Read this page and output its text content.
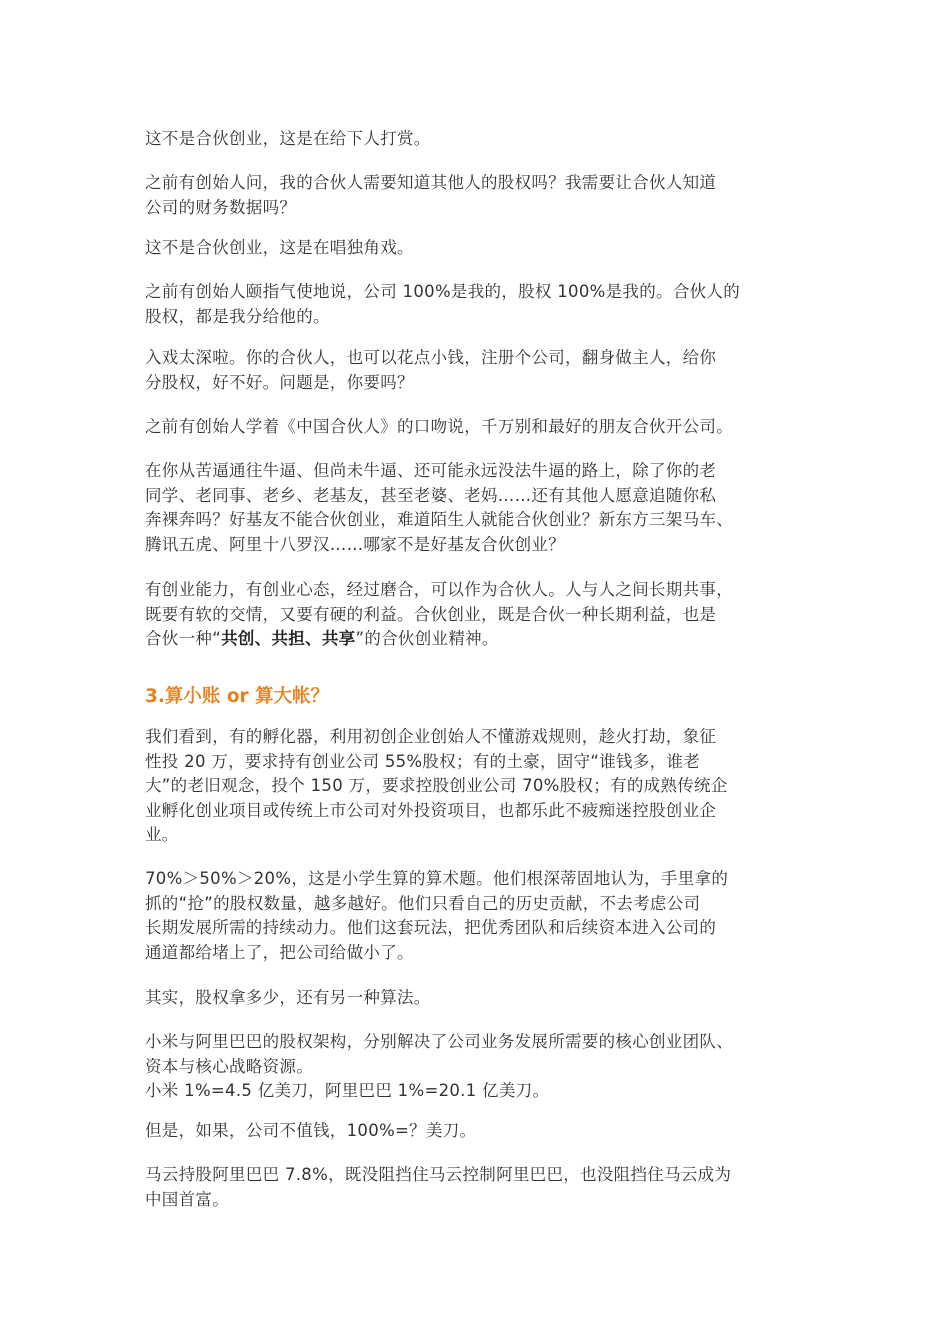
这不是合伙创业，这是在给下人打赏。
之前有创始人问，我的合伙人需要知道其他人的股权吗？我需要让合伙人知道
公司的财务数据吗？
这不是合伙创业，这是在唱独角戏。
之前有创始人颐指气使地说，公司 100%是我的，股权 100%是我的。合伙人的
股权，都是我分给他的。
入戏太深啦。你的合伙人，也可以花点小钱，注册个公司，翻身做主人，给你
分股权，好不好。问题是，你要吗？
之前有创始人学着《中国合伙人》的口吻说，千万别和最好的朋友合伙开公司。
在你从苦逼通往牛逼、但尚未牛逼、还可能永远没法牛逼的路上，除了你的老
同学、老同事、老乡、老基友，甚至老婆、老妈……还有其他人愿意追随你私
奔裸奔吗？好基友不能合伙创业，难道陌生人就能合伙创业？新东方三架马车、
腾讯五虎、阿里十八罗汉……哪家不是好基友合伙创业？
有创业能力，有创业心态，经过磨合，可以作为合伙人。人与人之间长期共事，
既要有软的交情，又要有硬的利益。合伙创业，既是合伙一种长期利益，也是
合伙一种“共创、共担、共享”的合伙创业精神。
3.算小账 or 算大帐？
我们看到，有的孵化器，利用初创企业创始人不懂游戏规则，趁火打劫，象征
性投 20 万，要求持有创业公司 55%股权；有的土豪，固守“谁钱多，谁老
大”的老旧观念，投个 150 万，要求控股创业公司 70%股权；有的成熟传统企
业孵化创业项目或传统上市公司对外投资项目，也都乐此不疲痴迷控股创业企
业。
70%＞50%＞20%，这是小学生算的算术题。他们根深蒂固地认为，手里拿的
抓的“抢”的股权数量，越多越好。他们只看自己的历史贡献，不去考虑公司
长期发展所需的持续动力。他们这套玩法，把优秀团队和后续资本进入公司的
通道都给堵上了，把公司给做小了。
其实，股权拿多少，还有另一种算法。
小米与阿里巴巴的股权架构，分别解决了公司业务发展所需要的核心创业团队、
资本与核心战略资源。
小米 1%=4.5 亿美刀，阿里巴巴 1%=20.1 亿美刀。
但是，如果，公司不值钱，100%=？美刀。
马云持股阿里巴巴 7.8%，既没阻挡住马云控制阿里巴巴，也没阻挡住马云成为
中国首富。
